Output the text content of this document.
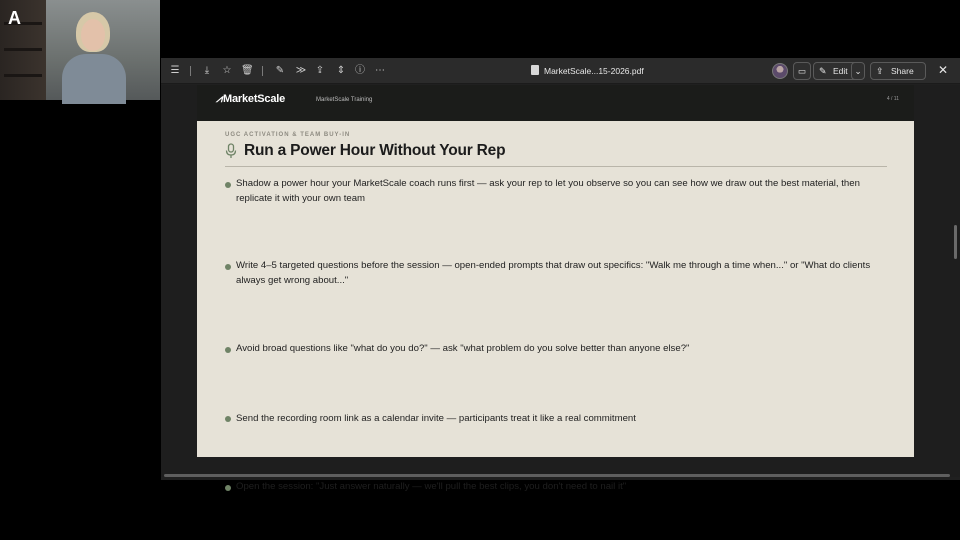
A
☰	⤓	☆ 🗑 ✎ ≫ ⇪ ⇕ ⓘ ⋯	MarketScale...15-2026.pdf	▭	✎ Edit ⌄	⇪ Share	✕
⩘MarketScale	MarketScale Training	4 / 11
UGC ACTIVATION & TEAM BUY-IN
Run a Power Hour Without Your Rep
Shadow a power hour your MarketScale coach runs first — ask your rep to let you observe so you can see how we draw out the best material, then replicate it with your own team
Write 4–5 targeted questions before the session — open-ended prompts that draw out specifics: "Walk me through a time when..." or "What do clients always get wrong about..."
Avoid broad questions like "what do you do?" — ask "what problem do you solve better than anyone else?"
Send the recording room link as a calendar invite — participants treat it like a real commitment
Open the session: "Just answer naturally — we'll pull the best clips, you don't need to nail it"
